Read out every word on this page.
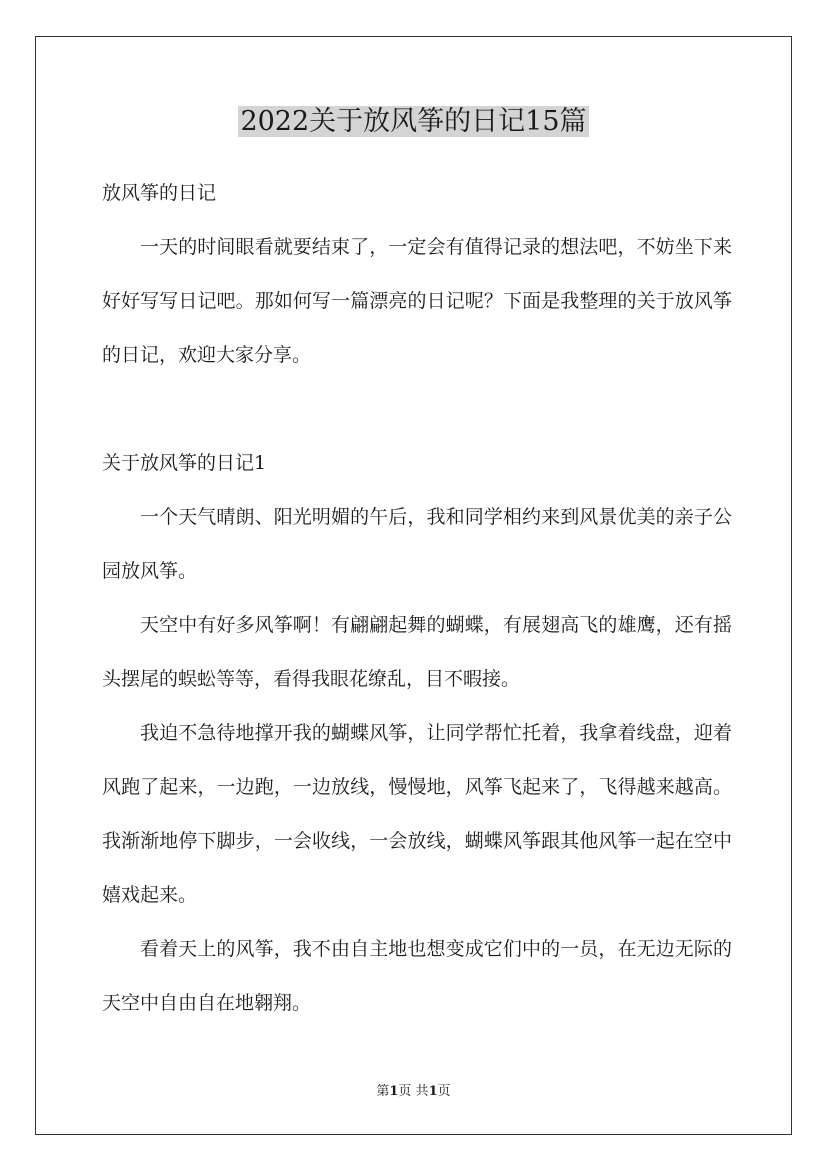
2022关于放风筝的日记15篇
放风筝的日记

一天的时间眼看就要结束了，一定会有值得记录的想法吧，不妨坐下来好好写写日记吧。那如何写一篇漂亮的日记呢？下面是我整理的关于放风筝的日记，欢迎大家分享。

关于放风筝的日记1

一个天气晴朗、阳光明媚的午后，我和同学相约来到风景优美的亲子公园放风筝。

天空中有好多风筝啊！有翩翩起舞的蝴蝶，有展翅高飞的雄鹰，还有摇头摆尾的蜈蚣等等，看得我眼花缭乱，目不暇接。

我迫不急待地撑开我的蝴蝶风筝，让同学帮忙托着，我拿着线盘，迎着风跑了起来，一边跑，一边放线，慢慢地，风筝飞起来了，飞得越来越高。我渐渐地停下脚步，一会收线，一会放线，蝴蝶风筝跟其他风筝一起在空中嬉戏起来。

看着天上的风筝，我不由自主地也想变成它们中的一员，在无边无际的天空中自由自在地翱翔。

第1页 共1页
